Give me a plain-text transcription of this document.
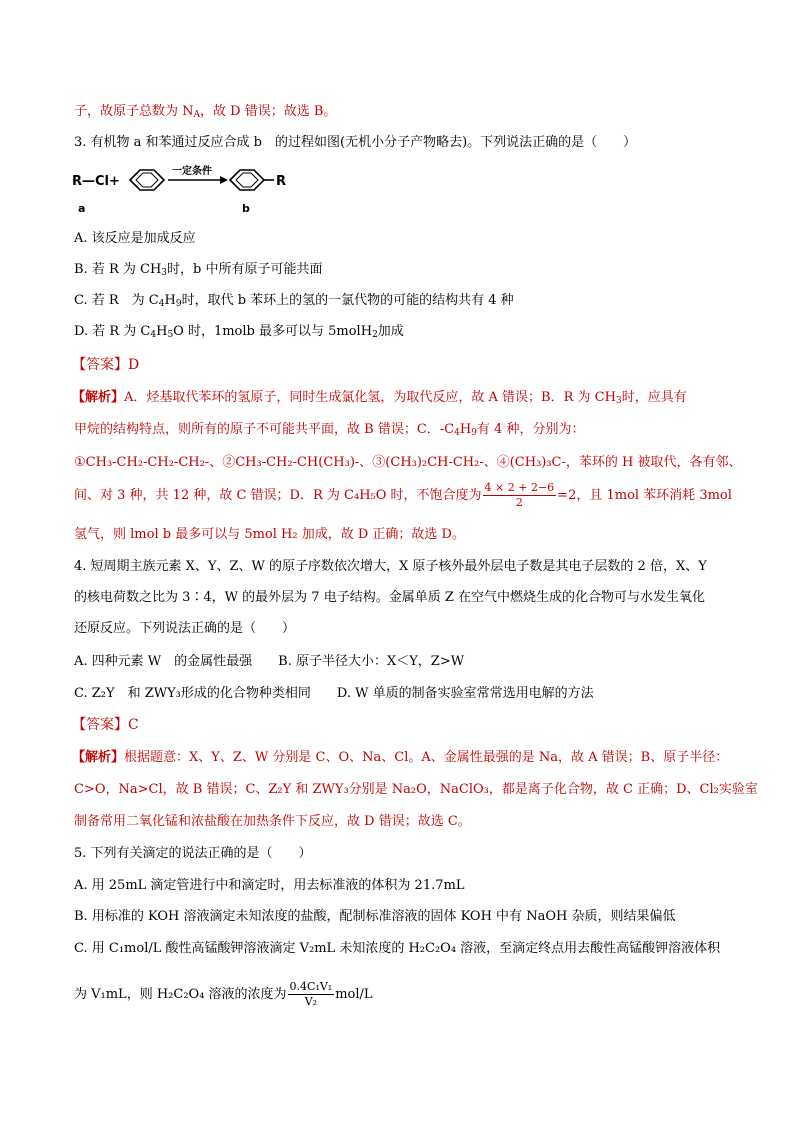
子，故原子总数为 $N_A$，故 D 错误；故选 B。
3. 有机物 a 和苯通过反应合成 b　的过程如图(无机小分子产物略去)。下列说法正确的是（　　）
R—Cl+
一定条件
R
a	b
A. 该反应是加成反应
B. 若 R 为 $CH_3$时，b 中所有原子可能共面
C. 若 R　为 $C_4H_9$时，取代 b 苯环上的氢的一氯代物的可能的结构共有 4 种
D. 若 R 为 $C_4H_5O$ 时，1molb 最多可以与 5molH$_2$加成
【答案】D
【解析】A．烃基取代苯环的氢原子，同时生成氯化氢，为取代反应，故 A 错误；B．R 为 $CH_3$时，应具有
甲烷的结构特点，则所有的原子不可能共平面，故 B 错误；C．$-C_4H_9$有 4 种，分别为：
①CH₃-CH₂-CH₂-CH₂-、②CH₃-CH₂-CH(CH₃)-、③(CH₃)₂CH-CH₂-、④(CH₃)₃C-，苯环的 H 被取代，各有邻、
间、对 3 种，共 12 种，故 C 错误；D．R 为 C₄H₅O 时，不饱合度为 $\frac{4 \times 2 + 2-6}{2} =2$，且 1mol 苯环消耗 3mol
氢气，则 lmol b 最多可以与 5mol H₂ 加成，故 D 正确；故选 D。
4. 短周期主族元素 X、Y、Z、W 的原子序数依次增大，X 原子核外最外层电子数是其电子层数的 2 倍，X、Y
的核电荷数之比为 3∶4，W 的最外层为 7 电子结构。金属单质 Z 在空气中燃烧生成的化合物可与水发生氧化
还原反应。下列说法正确的是（　　）
A. 四种元素 W　的金属性最强　　B. 原子半径大小：X＜Y，Z>W
C. Z₂Y　和 ZWY₃形成的化合物种类相同　　D. W 单质的制备实验室常常选用电解的方法
【答案】C
【解析】根据题意：X、Y、Z、W 分别是 C、O、Na、Cl。A、金属性最强的是 Na，故 A 错误；B、原子半径：
C>O，Na>Cl，故 B 错误；C、Z₂Y 和 ZWY₃分别是 Na₂O，NaClO₃，都是离子化合物，故 C 正确；D、Cl₂实验室
制备常用二氧化锰和浓盐酸在加热条件下反应，故 D 错误；故选 C。
5. 下列有关滴定的说法正确的是（　　）
A. 用 25mL 滴定管进行中和滴定时，用去标准液的体积为 21.7mL
B. 用标准的 KOH 溶液滴定未知浓度的盐酸，配制标准溶液的固体 KOH 中有 NaOH 杂质，则结果偏低
C. 用 C₁mol/L 酸性高锰酸钾溶液滴定 V₂mL 未知浓度的 H₂C₂O₄ 溶液，至滴定终点用去酸性高锰酸钾溶液体积
为 V₁mL，则 H₂C₂O₄ 溶液的浓度为 $\frac{\text{0.4C₁V₁}}{\text{V₂}} mol/L$
